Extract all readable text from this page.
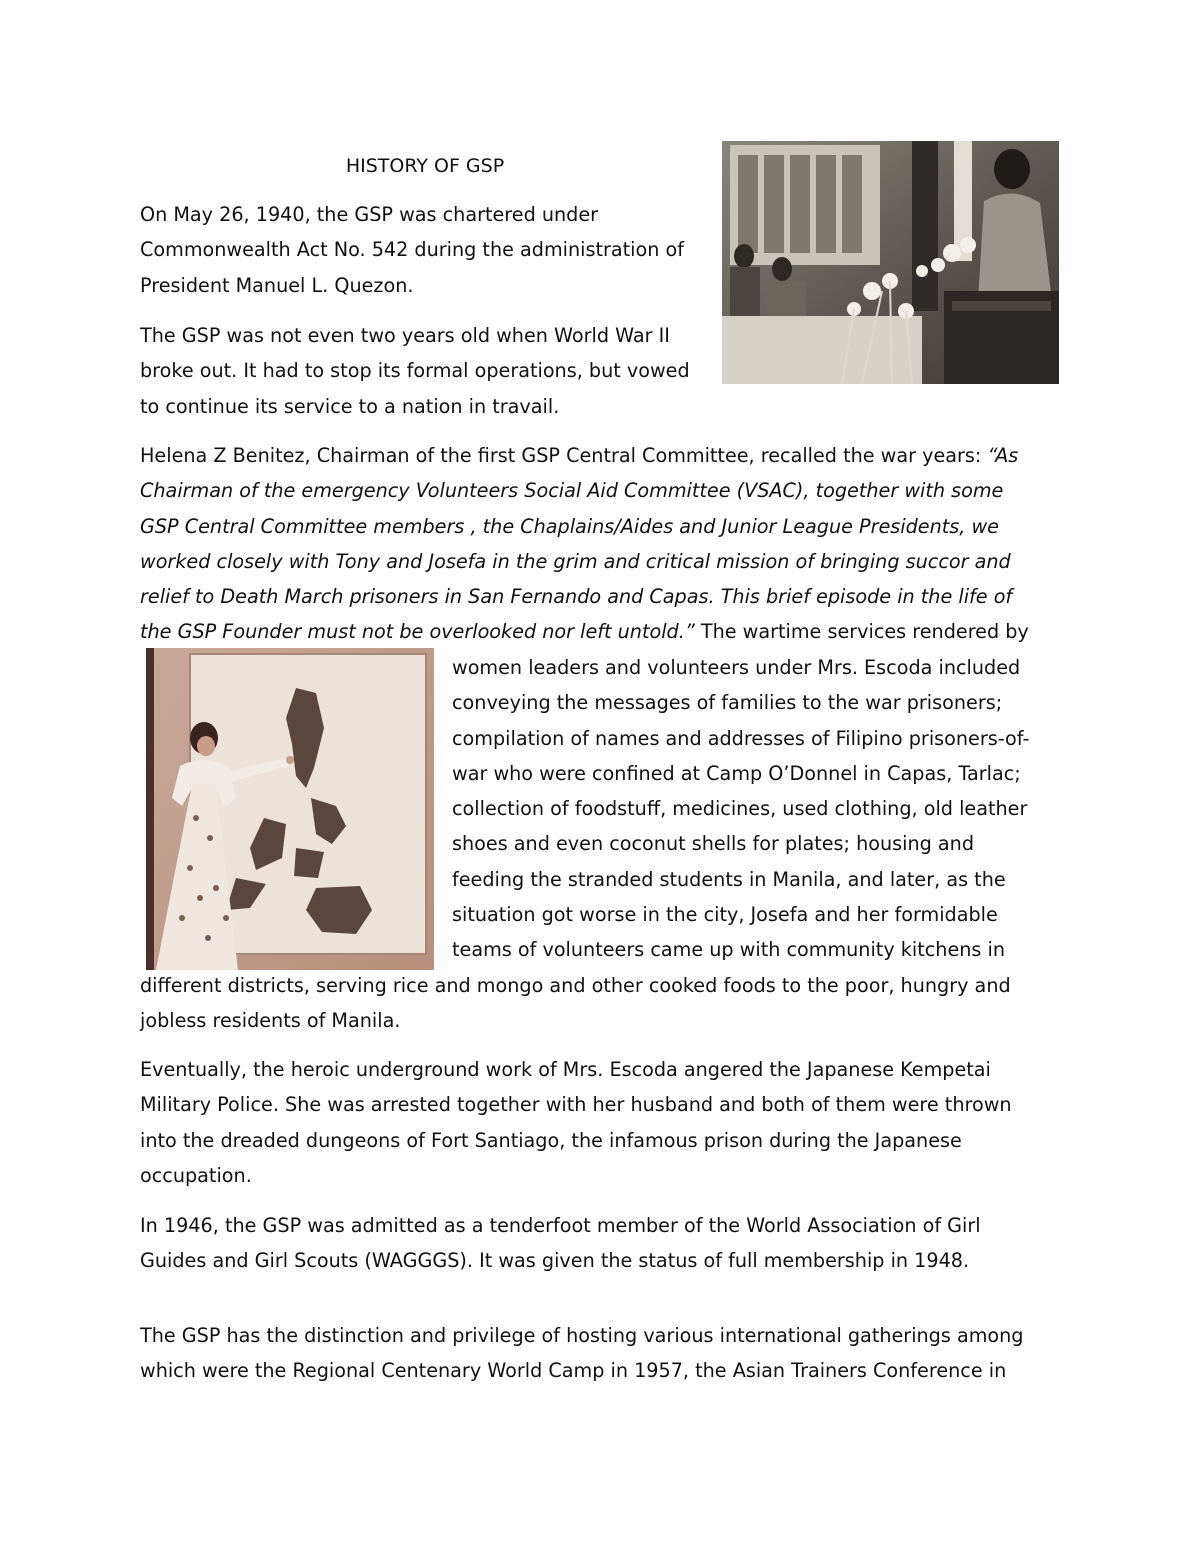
HISTORY OF GSP

On May 26, 1940, the GSP was chartered under
Commonwealth Act No. 542 during the administration of
President Manuel L. Quezon.

The GSP was not even two years old when World War II
broke out. It had to stop its formal operations, but vowed
to continue its service to a nation in travail.

Helena Z Benitez, Chairman of the first GSP Central Committee, recalled the war years: “As
Chairman of the emergency Volunteers Social Aid Committee (VSAC), together with some
GSP Central Committee members , the Chaplains/Aides and Junior League Presidents, we
worked closely with Tony and Josefa in the grim and critical mission of bringing succor and
relief to Death March prisoners in San Fernando and Capas. This brief episode in the life of
the GSP Founder must not be overlooked nor left untold.” The wartime services rendered by

women leaders and volunteers under Mrs. Escoda included
conveying the messages of families to the war prisoners;
compilation of names and addresses of Filipino prisoners-of-
war who were confined at Camp O’Donnel in Capas, Tarlac;
collection of foodstuff, medicines, used clothing, old leather
shoes and even coconut shells for plates; housing and
feeding the stranded students in Manila, and later, as the
situation got worse in the city, Josefa and her formidable
teams of volunteers came up with community kitchens in
different districts, serving rice and mongo and other cooked foods to the poor, hungry and
jobless residents of Manila.

Eventually, the heroic underground work of Mrs. Escoda angered the Japanese Kempetai
Military Police. She was arrested together with her husband and both of them were thrown
into the dreaded dungeons of Fort Santiago, the infamous prison during the Japanese
occupation.

In 1946, the GSP was admitted as a tenderfoot member of the World Association of Girl
Guides and Girl Scouts (WAGGGS). It was given the status of full membership in 1948.

The GSP has the distinction and privilege of hosting various international gatherings among
which were the Regional Centenary World Camp in 1957, the Asian Trainers Conference in
